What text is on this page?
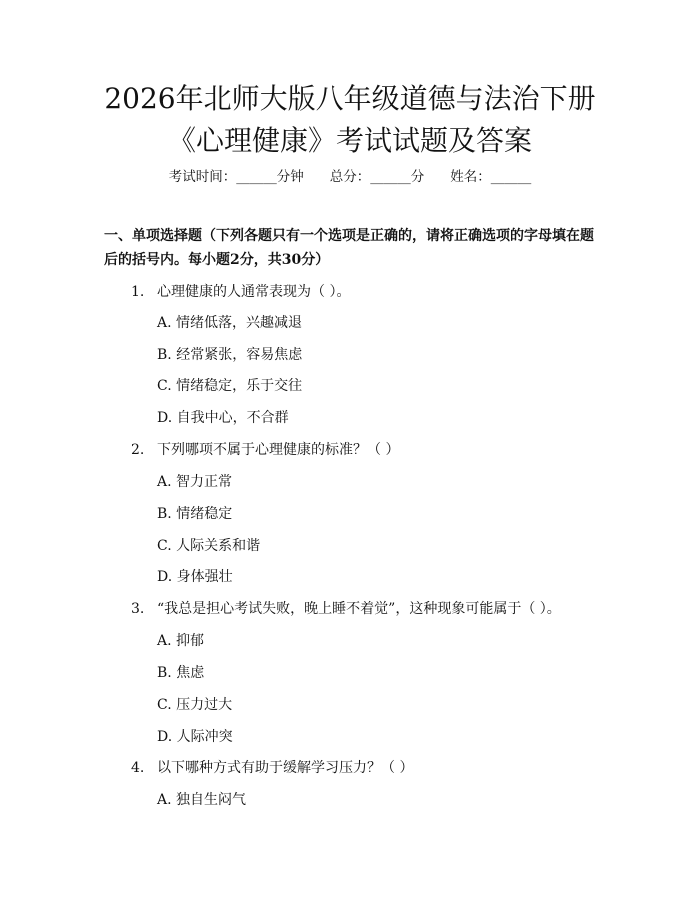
2026年北师大版八年级道德与法治下册《心理健康》考试试题及答案
考试时间：______分钟 总分：______分 姓名：______
一、单项选择题（下列各题只有一个选项是正确的，请将正确选项的字母填在题后的括号内。每小题2分，共30分）
1. 心理健康的人通常表现为（ ）。
A. 情绪低落，兴趣减退
B. 经常紧张，容易焦虑
C. 情绪稳定，乐于交往
D. 自我中心，不合群
2. 下列哪项不属于心理健康的标准？（ ）
A. 智力正常
B. 情绪稳定
C. 人际关系和谐
D. 身体强壮
3. “我总是担心考试失败，晚上睡不着觉”，这种现象可能属于（ ）。
A. 抑郁
B. 焦虑
C. 压力过大
D. 人际冲突
4. 以下哪种方式有助于缓解学习压力？（ ）
A. 独自生闷气
